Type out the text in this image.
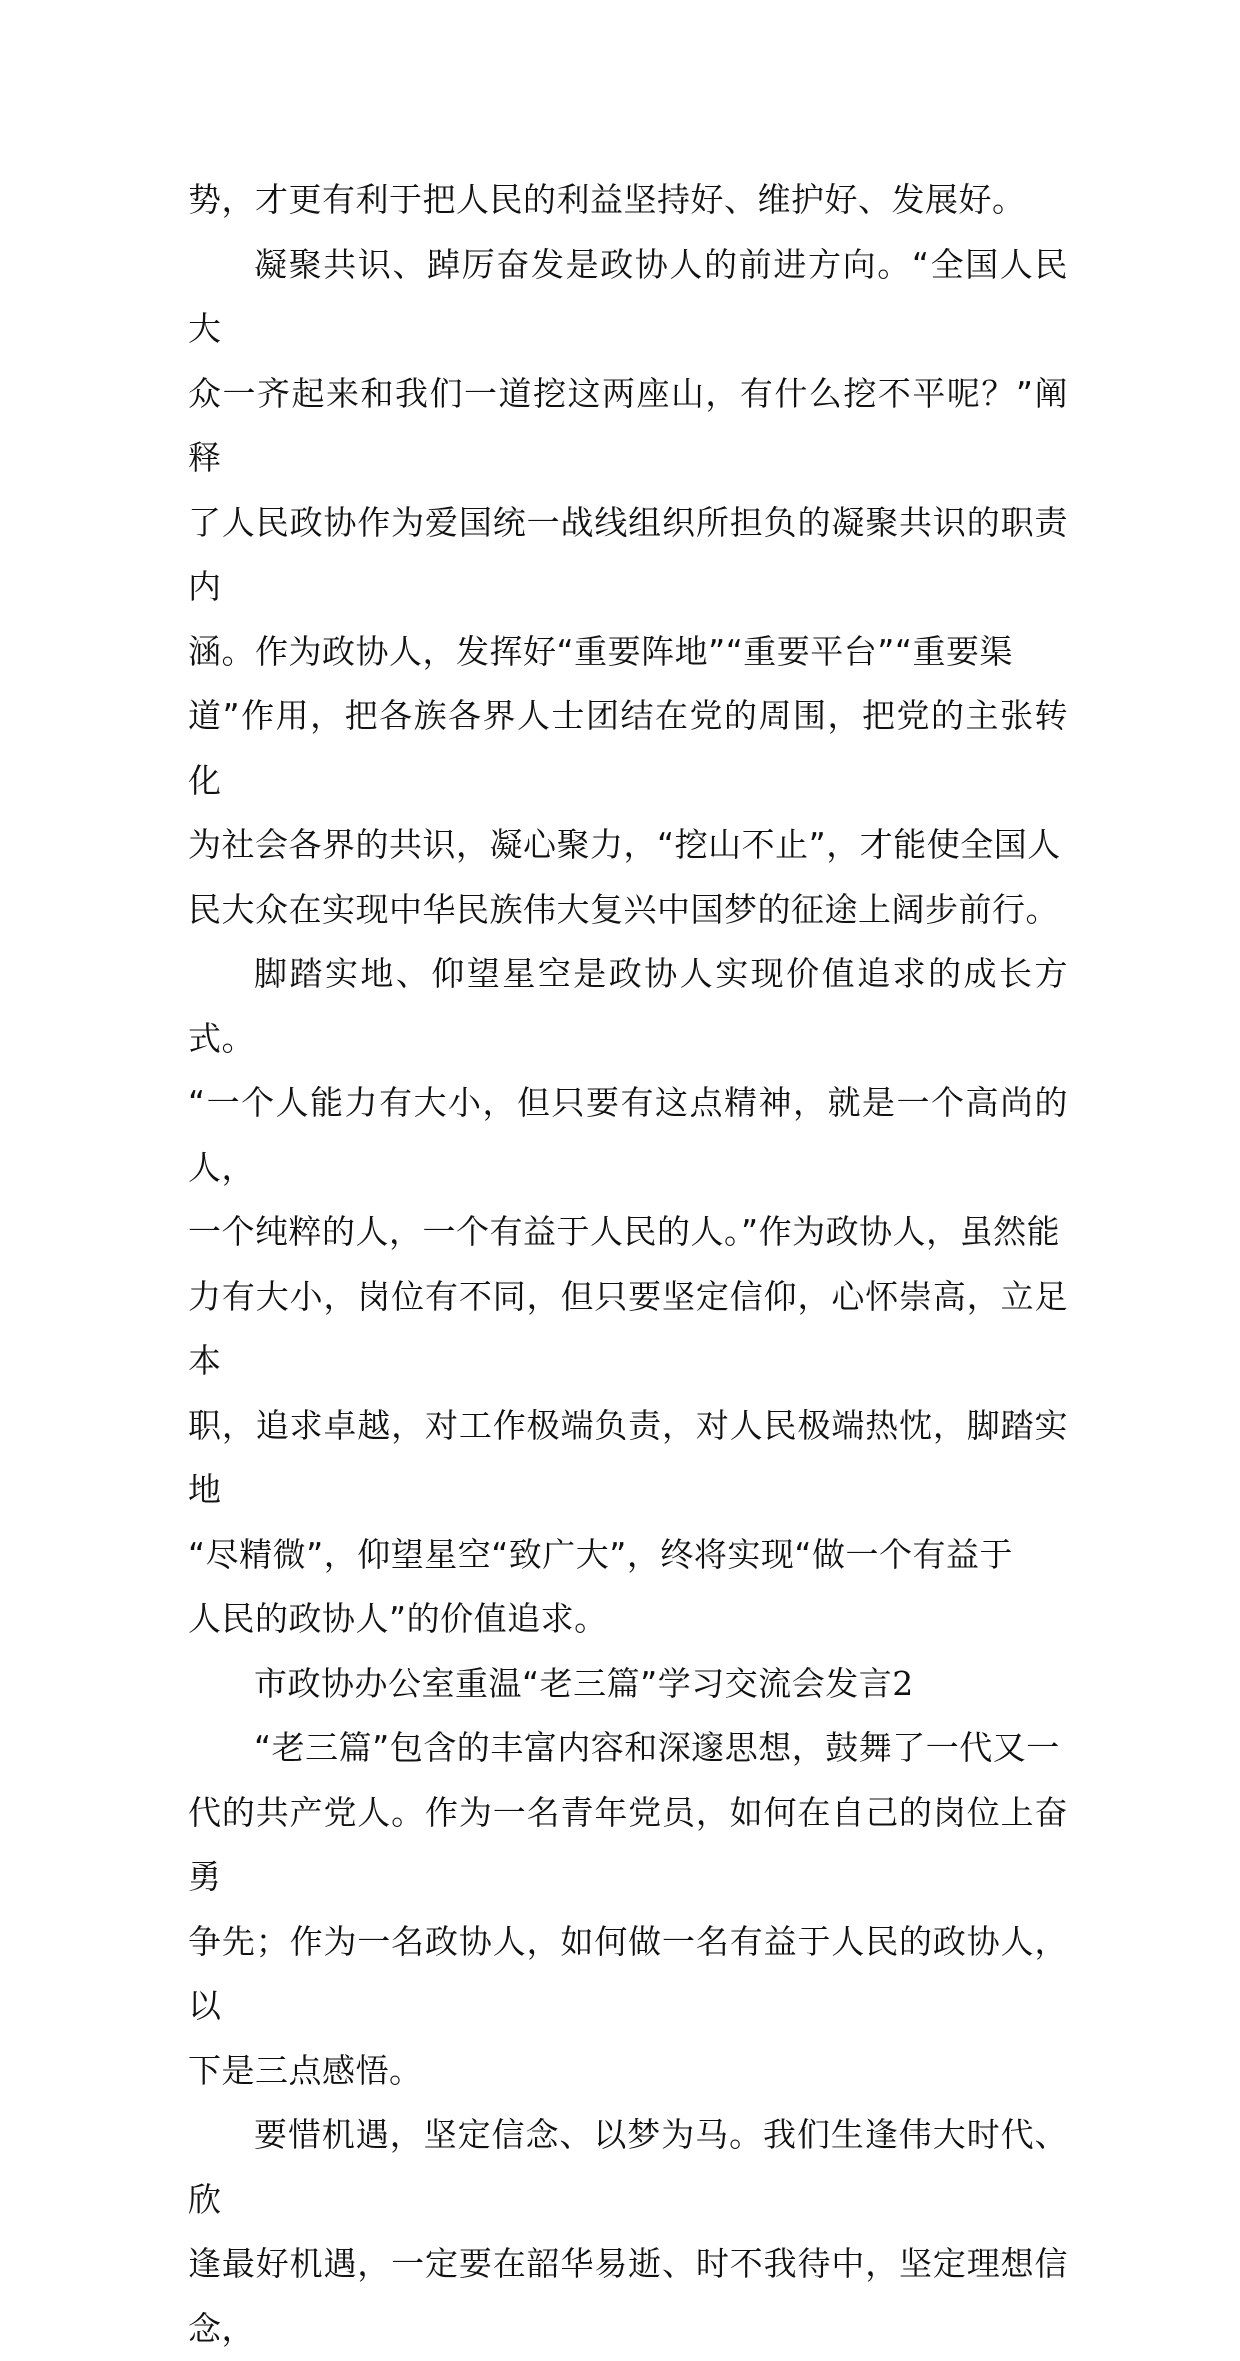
势，才更有利于把人民的利益坚持好、维护好、发展好。
凝聚共识、踔厉奋发是政协人的前进方向。“全国人民大
众一齐起来和我们一道挖这两座山，有什么挖不平呢？”阐释
了人民政协作为爱国统一战线组织所担负的凝聚共识的职责内
涵。作为政协人，发挥好“重要阵地”“重要平台”“重要渠
道”作用，把各族各界人士团结在党的周围，把党的主张转化
为社会各界的共识，凝心聚力，“挖山不止”，才能使全国人
民大众在实现中华民族伟大复兴中国梦的征途上阔步前行。
脚踏实地、仰望星空是政协人实现价值追求的成长方式。
“一个人能力有大小，但只要有这点精神，就是一个高尚的人，
一个纯粹的人，一个有益于人民的人。”作为政协人，虽然能
力有大小，岗位有不同，但只要坚定信仰，心怀崇高，立足本
职，追求卓越，对工作极端负责，对人民极端热忱，脚踏实地
“尽精微”，仰望星空“致广大”，终将实现“做一个有益于
人民的政协人”的价值追求。
市政协办公室重温“老三篇”学习交流会发言2
“老三篇”包含的丰富内容和深邃思想，鼓舞了一代又一
代的共产党人。作为一名青年党员，如何在自己的岗位上奋勇
争先；作为一名政协人，如何做一名有益于人民的政协人，以
下是三点感悟。
要惜机遇，坚定信念、以梦为马。我们生逢伟大时代、欣
逢最好机遇，一定要在韶华易逝、时不我待中，坚定理想信念，
